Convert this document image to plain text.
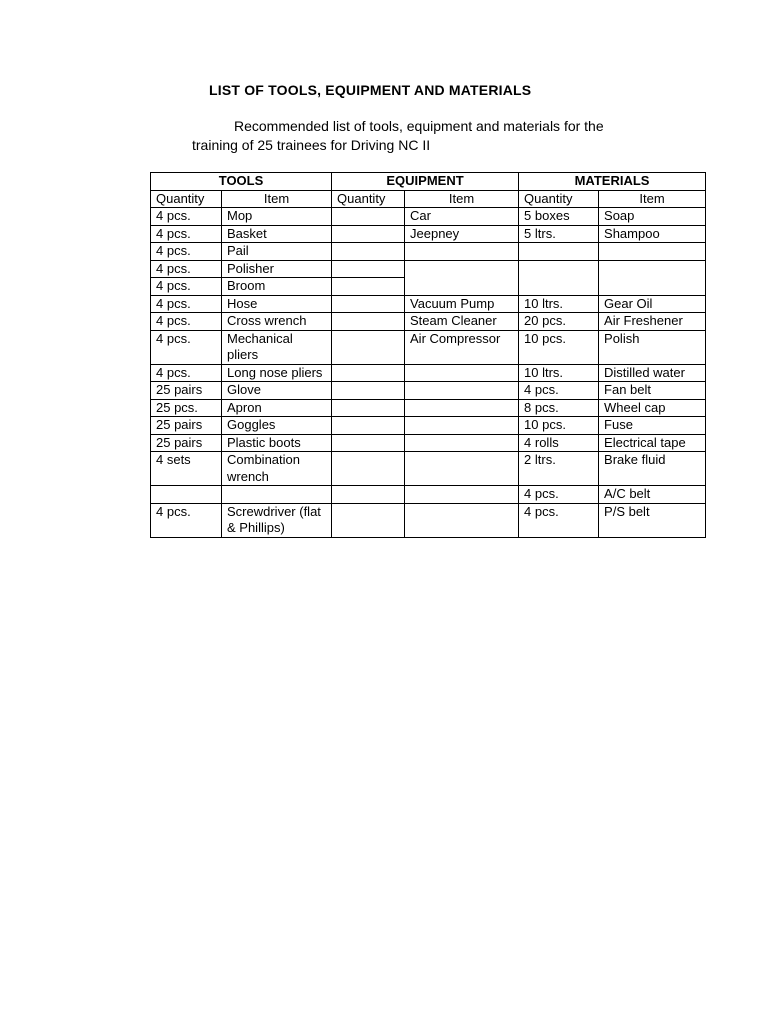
LIST OF TOOLS, EQUIPMENT AND MATERIALS
Recommended list of tools, equipment and materials for the
training of 25 trainees for Driving NC II
TOOLS		EQUIPMENT		MATERIALS	
Quantity	Item	Quantity	Item	Quantity	Item
4 pcs.	Mop		Car	5 boxes	Soap
4 pcs.	Basket		Jeepney	5 ltrs.	Shampoo
4 pcs.	Pail				
4 pcs.	Polisher				
4 pcs.	Broom				
4 pcs.	Hose		Vacuum Pump	10 ltrs.	Gear Oil
4 pcs.	Cross wrench		Steam Cleaner	20 pcs.	Air Freshener
4 pcs.	Mechanical pliers		Air Compressor	10 pcs.	Polish
4 pcs.	Long nose pliers			10 ltrs.	Distilled water
25 pairs	Glove			4 pcs.	Fan belt
25 pcs.	Apron			8 pcs.	Wheel cap
25 pairs	Goggles			10 pcs.	Fuse
25 pairs	Plastic boots			4 rolls	Electrical tape
4 sets	Combination wrench			2 ltrs.	Brake fluid
				4 pcs.	A/C belt
4 pcs.	Screwdriver (flat & Phillips)			4 pcs.	P/S belt
